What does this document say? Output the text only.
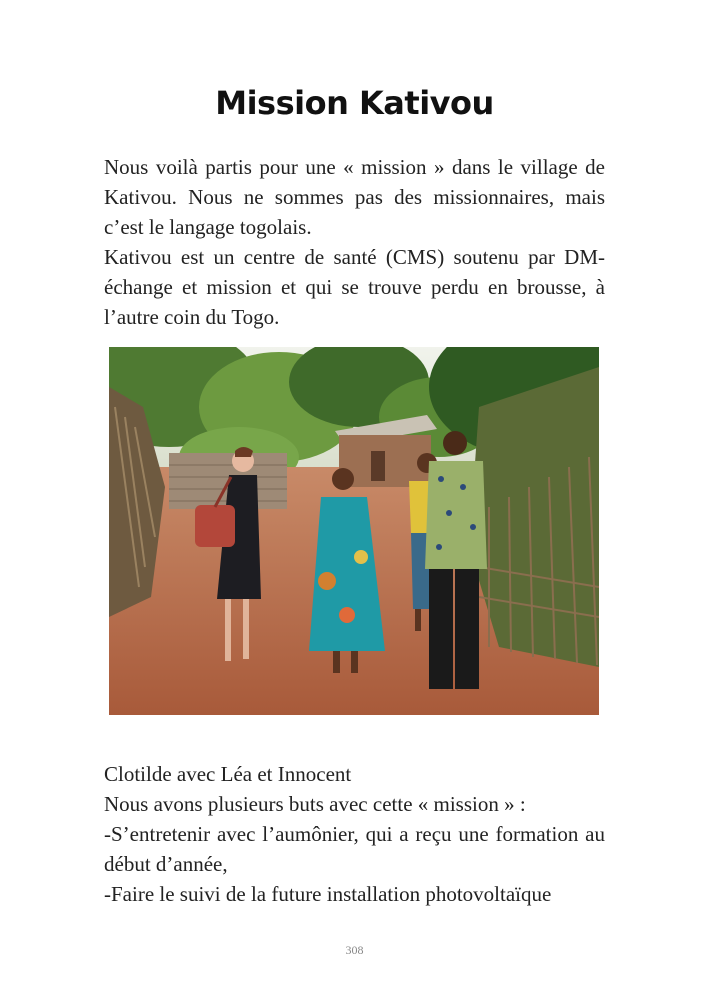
Mission Kativou

Nous voilà partis pour une « mission » dans le village de Kativou. Nous ne sommes pas des missionnaires, mais c’est le langage togolais.

Kativou est un centre de santé (CMS) soutenu par DM-échange et mission et qui se trouve perdu en brousse, à l’autre coin du Togo.

Clotilde avec Léa et Innocent

Nous avons plusieurs buts avec cette « mission » :

-S’entretenir avec l’aumônier, qui a reçu une formation au début d’année,

-Faire le suivi de la future installation photovoltaïque

308
